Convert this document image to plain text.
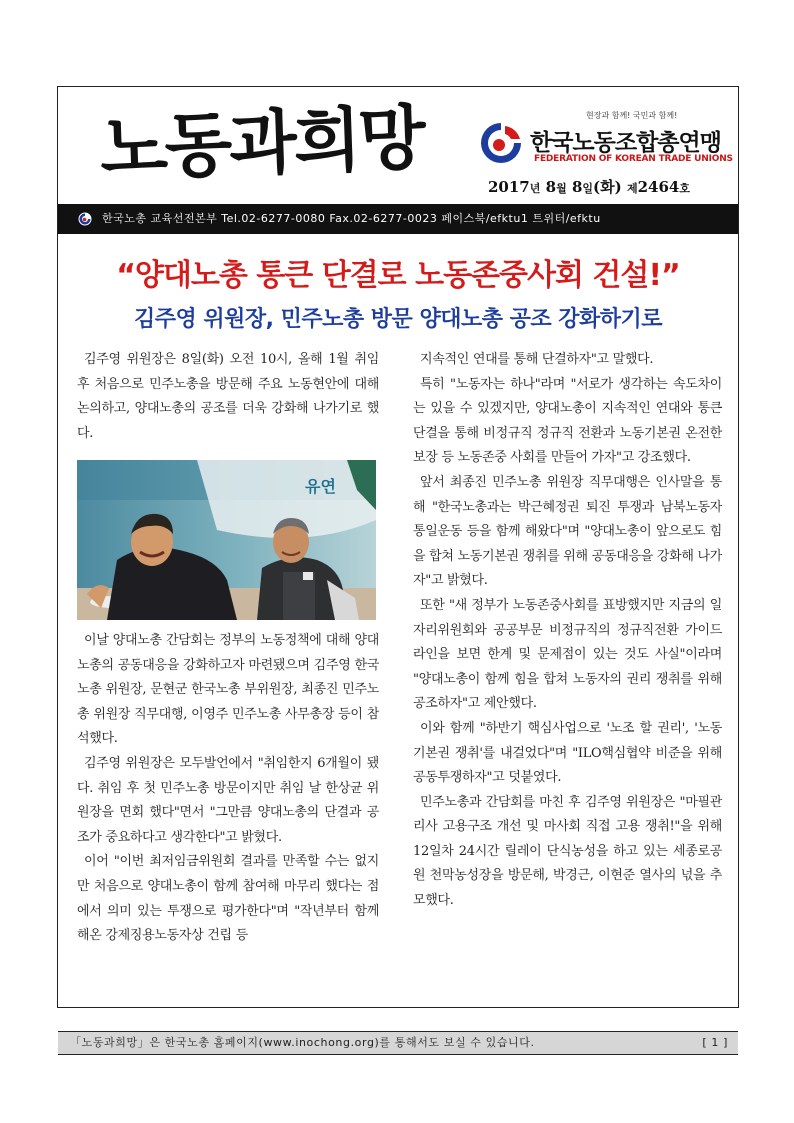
노동과희망	현장과 함께! 국민과 함께!
한국노동조합총연맹
FEDERATION OF KOREAN TRADE UNIONS
2017년 8월 8일(화) 제2464호
한국노총 교육선전본부 Tel.02-6277-0080 Fax.02-6277-0023 페이스북/efktu1 트위터/efktu
“양대노총 통큰 단결로 노동존중사회 건설!”
김주영 위원장, 민주노총 방문 양대노총 공조 강화하기로

김주영 위원장은 8일(화) 오전 10시, 올해 1월 취임 후 처음으로 민주노총을 방문해 주요 노동현안에 대해 논의하고, 양대노총의 공조를 더욱 강화해 나가기로 했다.

유연

이날 양대노총 간담회는 정부의 노동정책에 대해 양대노총의 공동대응을 강화하고자 마련됐으며 김주영 한국노총 위원장, 문현군 한국노총 부위원장, 최종진 민주노총 위원장 직무대행, 이영주 민주노총 사무총장 등이 참석했다.

김주영 위원장은 모두발언에서 "취임한지 6개월이 됐다. 취임 후 첫 민주노총 방문이지만 취임 날 한상균 위원장을 면회 했다"면서 "그만큼 양대노총의 단결과 공조가 중요하다고 생각한다"고 밝혔다.

이어 "이번 최저임금위원회 결과를 만족할 수는 없지만 처음으로 양대노총이 함께 참여해 마무리 했다는 점에서 의미 있는 투쟁으로 평가한다"며 "작년부터 함께 해온 강제징용노동자상 건립 등

지속적인 연대를 통해 단결하자"고 말했다.

특히 "노동자는 하나"라며 "서로가 생각하는 속도차이는 있을 수 있겠지만, 양대노총이 지속적인 연대와 통큰 단결을 통해 비정규직 정규직 전환과 노동기본권 온전한 보장 등 노동존중 사회를 만들어 가자"고 강조했다.

앞서 최종진 민주노총 위원장 직무대행은 인사말을 통해 "한국노총과는 박근혜정권 퇴진 투쟁과 남북노동자 통일운동 등을 함께 해왔다"며 "양대노총이 앞으로도 힘을 합쳐 노동기본권 쟁취를 위해 공동대응을 강화해 나가자"고 밝혔다.

또한 "새 정부가 노동존중사회를 표방했지만 지금의 일자리위원회와 공공부문 비정규직의 정규직전환 가이드라인을 보면 한계 및 문제점이 있는 것도 사실"이라며 "양대노총이 함께 힘을 합쳐 노동자의 권리 쟁취를 위해 공조하자"고 제안했다.

이와 함께 "하반기 핵심사업으로 '노조 할 권리', '노동기본권 쟁취'를 내걸었다"며 "ILO핵심협약 비준을 위해 공동투쟁하자"고 덧붙였다.

민주노총과 간담회를 마친 후 김주영 위원장은 "마필관리사 고용구조 개선 및 마사회 직접 고용 쟁취!"을 위해 12일차 24시간 릴레이 단식농성을 하고 있는 세종로공원 천막농성장을 방문해, 박경근, 이현준 열사의 넋을 추모했다.

「노동과희망」은 한국노총 홈페이지(www.inochong.org)를 통해서도 보실 수 있습니다.	[ 1 ]
